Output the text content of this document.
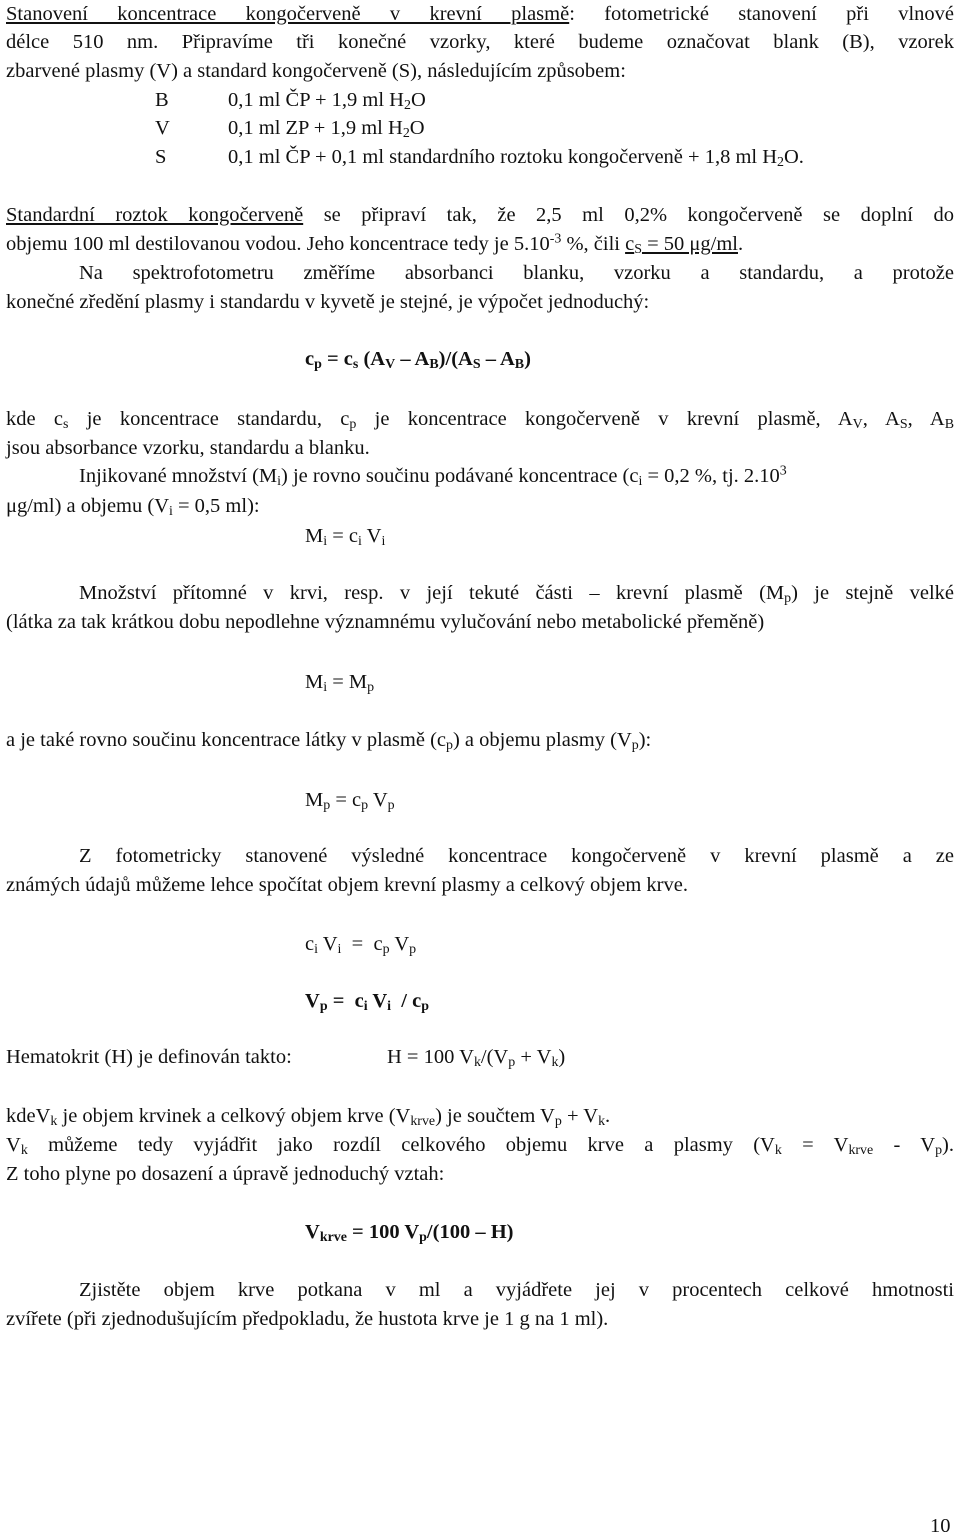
Stanovení koncentrace kongočerveně v krevní plasmě: fotometrické stanovení při vlnové
délce 510 nm. Připravíme tři konečné vzorky, které budeme označovat blank (B), vzorek
zbarvené plasmy (V) a standard kongočerveně (S), následujícím způsobem:
B	0,1 ml ČP + 1,9 ml $H_2O$
V	0,1 ml ZP + 1,9 ml $H_2O$
S	0,1 ml ČP + 0,1 ml standardního roztoku kongočerveně + 1,8 ml $H_2O$.
Standardní roztok kongočerveně se připraví tak, že 2,5 ml 0,2% kongočerveně se doplní do
objemu 100 ml destilovanou vodou. Jeho koncentrace tedy je $5.10^{-3}$ %, čili $c_S = 50$ μg/ml.
Na spektrofotometru změříme absorbanci blanku, vzorku a standardu, a protože
konečné zředění plasmy i standardu v kyvetě je stejné, je výpočet jednoduchý:
$c_p = c_s$ $(A_V - A_B)/(A_S - A_B)$
kde $c_s$ je koncentrace standardu, $c_p$ je koncentrace kongočerveně v krevní plasmě, $A_V$, $A_S$, $A_B$
jsou absorbance vzorku, standardu a blanku.
Injikované množství $(M_i)$ je rovno součinu podávané koncentrace ($c_i = 0,2$ %, tj. 2.10$^3$
μg/ml) a objemu ($V_i = 0,5$ ml):
$M_i = c_i$ $V_i$
Množství přítomné v krvi, resp. v její tekuté části – krevní plasmě $(M_p)$ je stejně velké
(látka za tak krátkou dobu nepodlehne významnému vylučování nebo metabolické přeměně)
$M_i = M_p$
a je také rovno součinu koncentrace látky v plasmě $(c_p)$ a objemu plasmy $(V_p)$:
$M_p = c_p$ $V_p$
Z fotometricky stanovené výsledné koncentrace kongočerveně v krevní plasmě a ze
známých údajů můžeme lehce spočítat objem krevní plasmy a celkový objem krve.
$c_i$ $V_i = c_p$ $V_p$
$V_p = c_i$ $V_i / c_p$
Hematokrit (H) je definován takto:	H = 100 $V_k/(V_p + V_k)$
kdeV$_k$ je objem krvinek a celkový objem krve $(V_{krve})$ je součtem $V_p + V_k$.
$V_k$ můžeme tedy vyjádřit jako rozdíl celkového objemu krve a plasmy $(V_k = V_{krve} - V_p)$.
Z toho plyne po dosazení a úpravě jednoduchý vztah:
$V_{krve} = 100$ $V_p/(100 - H)$
Zjistěte objem krve potkana v ml a vyjádřete jej v procentech celkové hmotnosti
zvířete (při zjednodušujícím předpokladu, že hustota krve je 1 g na 1 ml).
10
